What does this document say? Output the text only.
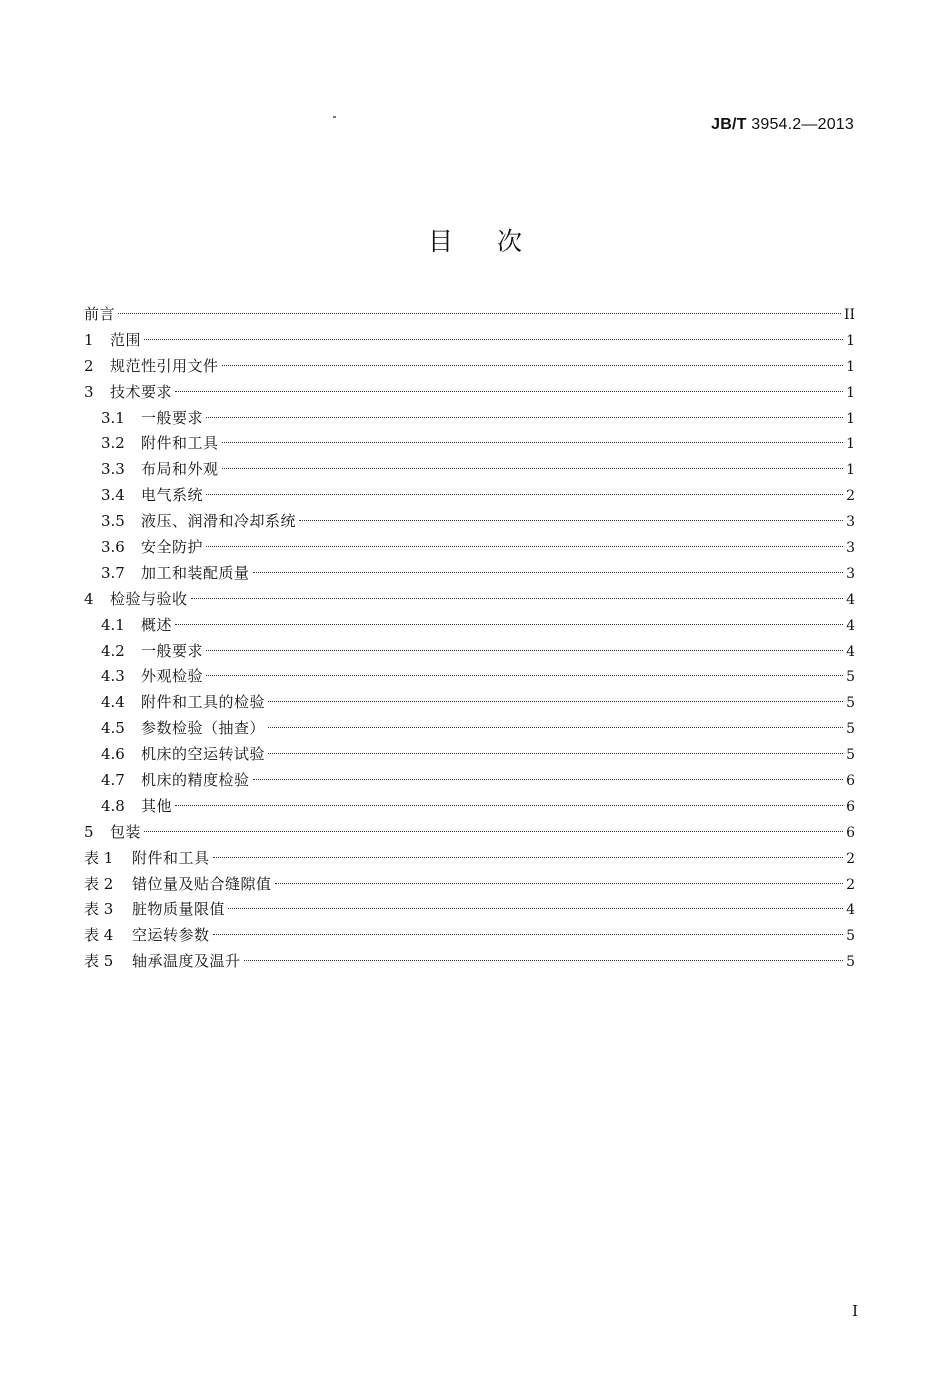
JB/T 3954.2—2013
目次
前言	II
1	范围	1
2	规范性引用文件	1
3	技术要求	1
3.1	一般要求	1
3.2	附件和工具	1
3.3	布局和外观	1
3.4	电气系统	2
3.5	液压、润滑和冷却系统	3
3.6	安全防护	3
3.7	加工和装配质量	3
4	检验与验收	4
4.1	概述	4
4.2	一般要求	4
4.3	外观检验	5
4.4	附件和工具的检验	5
4.5	参数检验（抽查）	5
4.6	机床的空运转试验	5
4.7	机床的精度检验	6
4.8	其他	6
5	包装	6
表 1	附件和工具	2
表 2	错位量及贴合缝隙值	2
表 3	脏物质量限值	4
表 4	空运转参数	5
表 5	轴承温度及温升	5
I
